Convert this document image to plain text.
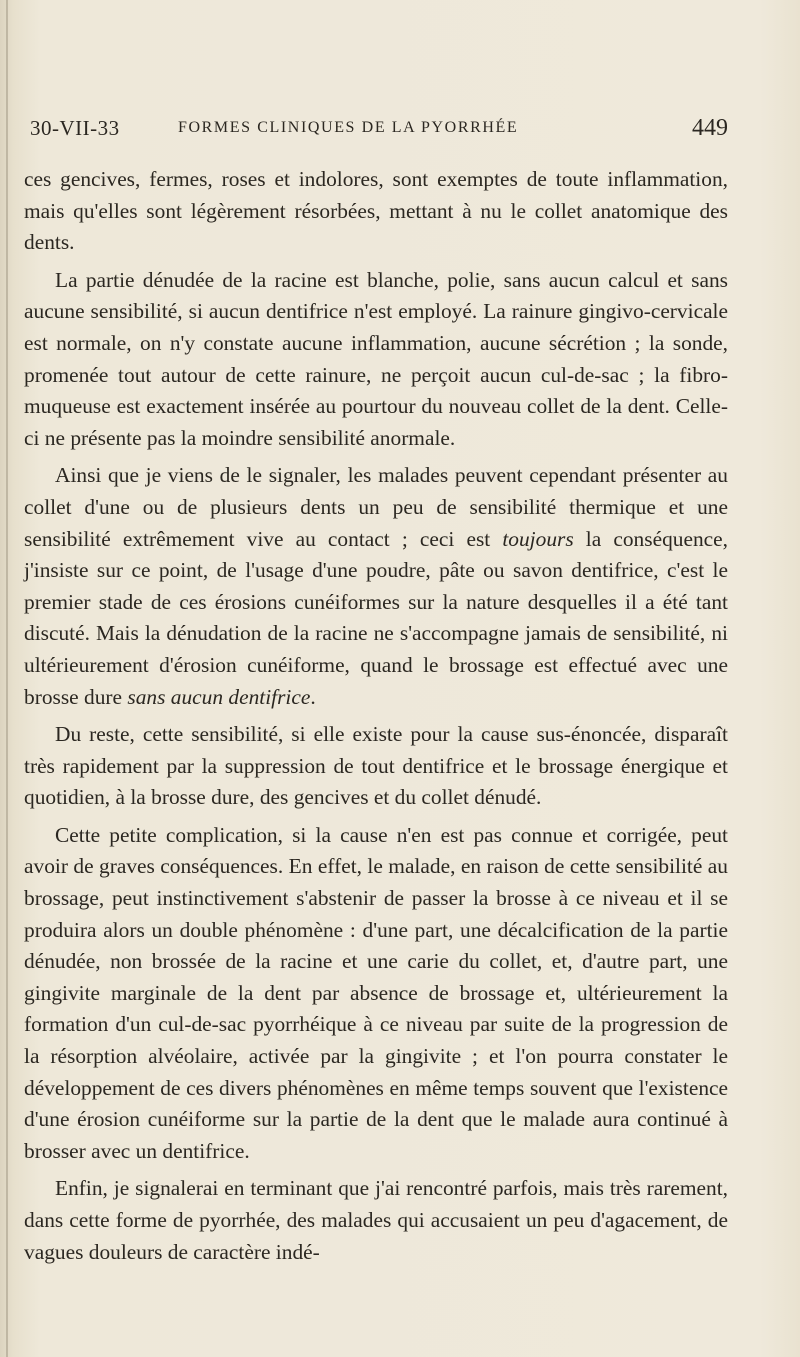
30-VII-33	FORMES CLINIQUES DE LA PYORRHÉE	449

ces gencives, fermes, roses et indolores, sont exemptes de toute inflammation, mais qu'elles sont légèrement résorbées, mettant à nu le collet anatomique des dents.

La partie dénudée de la racine est blanche, polie, sans aucun calcul et sans aucune sensibilité, si aucun dentifrice n'est employé. La rainure gingivo-cervicale est normale, on n'y constate aucune inflammation, aucune sécrétion ; la sonde, promenée tout autour de cette rainure, ne perçoit aucun cul-de-sac ; la fibro-muqueuse est exactement insérée au pourtour du nouveau collet de la dent. Celle-ci ne présente pas la moindre sensibilité anormale.

Ainsi que je viens de le signaler, les malades peuvent cependant présenter au collet d'une ou de plusieurs dents un peu de sensibilité thermique et une sensibilité extrêmement vive au contact ; ceci est toujours la conséquence, j'insiste sur ce point, de l'usage d'une poudre, pâte ou savon dentifrice, c'est le premier stade de ces érosions cunéiformes sur la nature desquelles il a été tant discuté. Mais la dénudation de la racine ne s'accompagne jamais de sensibilité, ni ultérieurement d'érosion cunéiforme, quand le brossage est effectué avec une brosse dure sans aucun dentifrice.

Du reste, cette sensibilité, si elle existe pour la cause sus-énoncée, disparaît très rapidement par la suppression de tout dentifrice et le brossage énergique et quotidien, à la brosse dure, des gencives et du collet dénudé.

Cette petite complication, si la cause n'en est pas connue et corrigée, peut avoir de graves conséquences. En effet, le malade, en raison de cette sensibilité au brossage, peut instinctivement s'abstenir de passer la brosse à ce niveau et il se produira alors un double phénomène : d'une part, une décalcification de la partie dénudée, non brossée de la racine et une carie du collet, et, d'autre part, une gingivite marginale de la dent par absence de brossage et, ultérieurement la formation d'un cul-de-sac pyorrhéique à ce niveau par suite de la progression de la résorption alvéolaire, activée par la gingivite ; et l'on pourra constater le développement de ces divers phénomènes en même temps souvent que l'existence d'une érosion cunéiforme sur la partie de la dent que le malade aura continué à brosser avec un dentifrice.

Enfin, je signalerai en terminant que j'ai rencontré parfois, mais très rarement, dans cette forme de pyorrhée, des malades qui accusaient un peu d'agacement, de vagues douleurs de caractère indé-
